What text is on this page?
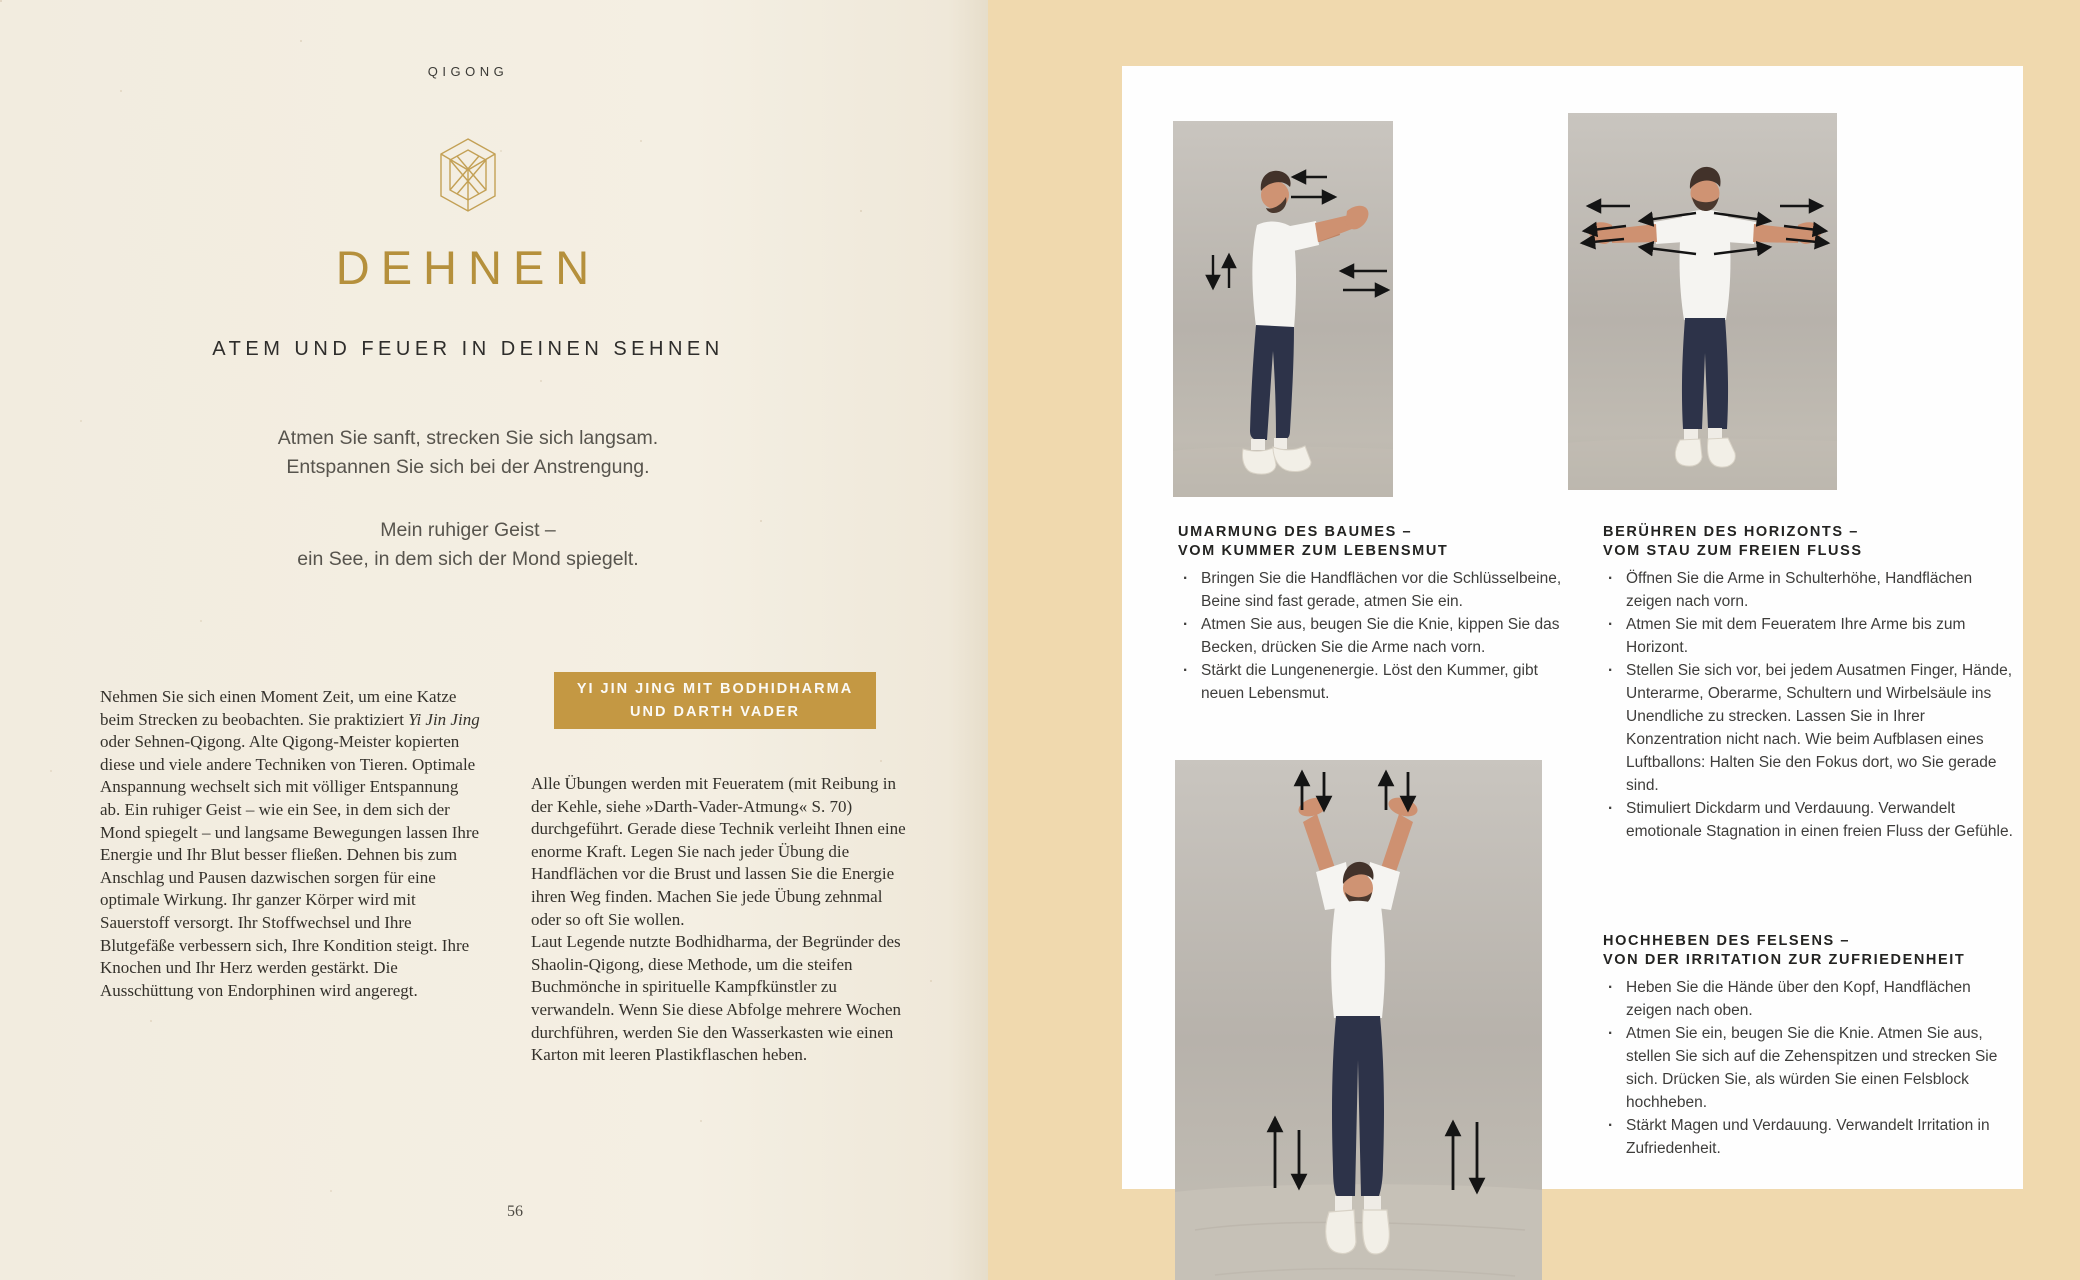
QIGONG
DEHNEN
ATEM UND FEUER IN DEINEN SEHNEN
Atmen Sie sanft, strecken Sie sich langsam.
Entspannen Sie sich bei der Anstrengung.
Mein ruhiger Geist –
ein See, in dem sich der Mond spiegelt.

Nehmen Sie sich einen Moment Zeit, um eine Katze beim Strecken zu beobachten. Sie praktiziert Yi Jin Jing oder Sehnen-Qigong. Alte Qigong-Meister kopierten diese und viele andere Techniken von Tieren. Optimale Anspannung wechselt sich mit völliger Entspannung ab. Ein ruhiger Geist – wie ein See, in dem sich der Mond spiegelt – und langsame Bewegungen lassen Ihre Energie und Ihr Blut besser fließen. Dehnen bis zum Anschlag und Pausen dazwischen sorgen für eine optimale Wirkung. Ihr ganzer Körper wird mit Sauerstoff versorgt. Ihr Stoffwechsel und Ihre Blutgefäße verbessern sich, Ihre Kondition steigt. Ihre Knochen und Ihr Herz werden gestärkt. Die Ausschüttung von Endorphinen wird angeregt.

YI JIN JING MIT BODHIDHARMA
UND DARTH VADER

Alle Übungen werden mit Feueratem (mit Reibung in der Kehle, siehe »Darth-Vader-Atmung« S. 70) durchgeführt. Gerade diese Technik verleiht Ihnen eine enorme Kraft. Legen Sie nach jeder Übung die Handflächen vor die Brust und lassen Sie die Energie ihren Weg finden. Machen Sie jede Übung zehnmal oder so oft Sie wollen.

Laut Legende nutzte Bodhidharma, der Begründer des Shaolin-Qigong, diese Methode, um die steifen Buchmönche in spirituelle Kampfkünstler zu verwandeln. Wenn Sie diese Abfolge mehrere Wochen durchführen, werden Sie den Wasserkasten wie einen Karton mit leeren Plastikflaschen heben.

56
UMARMUNG DES BAUMES –
VOM KUMMER ZUM LEBENSMUT
· Bringen Sie die Handflächen vor die Schlüsselbeine, Beine sind fast gerade, atmen Sie ein.
· Atmen Sie aus, beugen Sie die Knie, kippen Sie das Becken, drücken Sie die Arme nach vorn.
· Stärkt die Lungenenergie. Löst den Kummer, gibt neuen Lebensmut.
BERÜHREN DES HORIZONTS –
VOM STAU ZUM FREIEN FLUSS
· Öffnen Sie die Arme in Schulterhöhe, Handflächen zeigen nach vorn.
· Atmen Sie mit dem Feueratem Ihre Arme bis zum Horizont.
· Stellen Sie sich vor, bei jedem Ausatmen Finger, Hände, Unterarme, Oberarme, Schultern und Wirbelsäule ins Unendliche zu strecken. Lassen Sie in Ihrer Konzentration nicht nach. Wie beim Aufblasen eines Luftballons: Halten Sie den Fokus dort, wo Sie gerade sind.
· Stimuliert Dickdarm und Verdauung. Verwandelt emotionale Stagnation in einen freien Fluss der Gefühle.
HOCHHEBEN DES FELSENS –
VON DER IRRITATION ZUR ZUFRIEDENHEIT
· Heben Sie die Hände über den Kopf, Handflächen zeigen nach oben.
· Atmen Sie ein, beugen Sie die Knie. Atmen Sie aus, stellen Sie sich auf die Zehenspitzen und strecken Sie sich. Drücken Sie, als würden Sie einen Felsblock hochheben.
· Stärkt Magen und Verdauung. Verwandelt Irritation in Zufriedenheit.
